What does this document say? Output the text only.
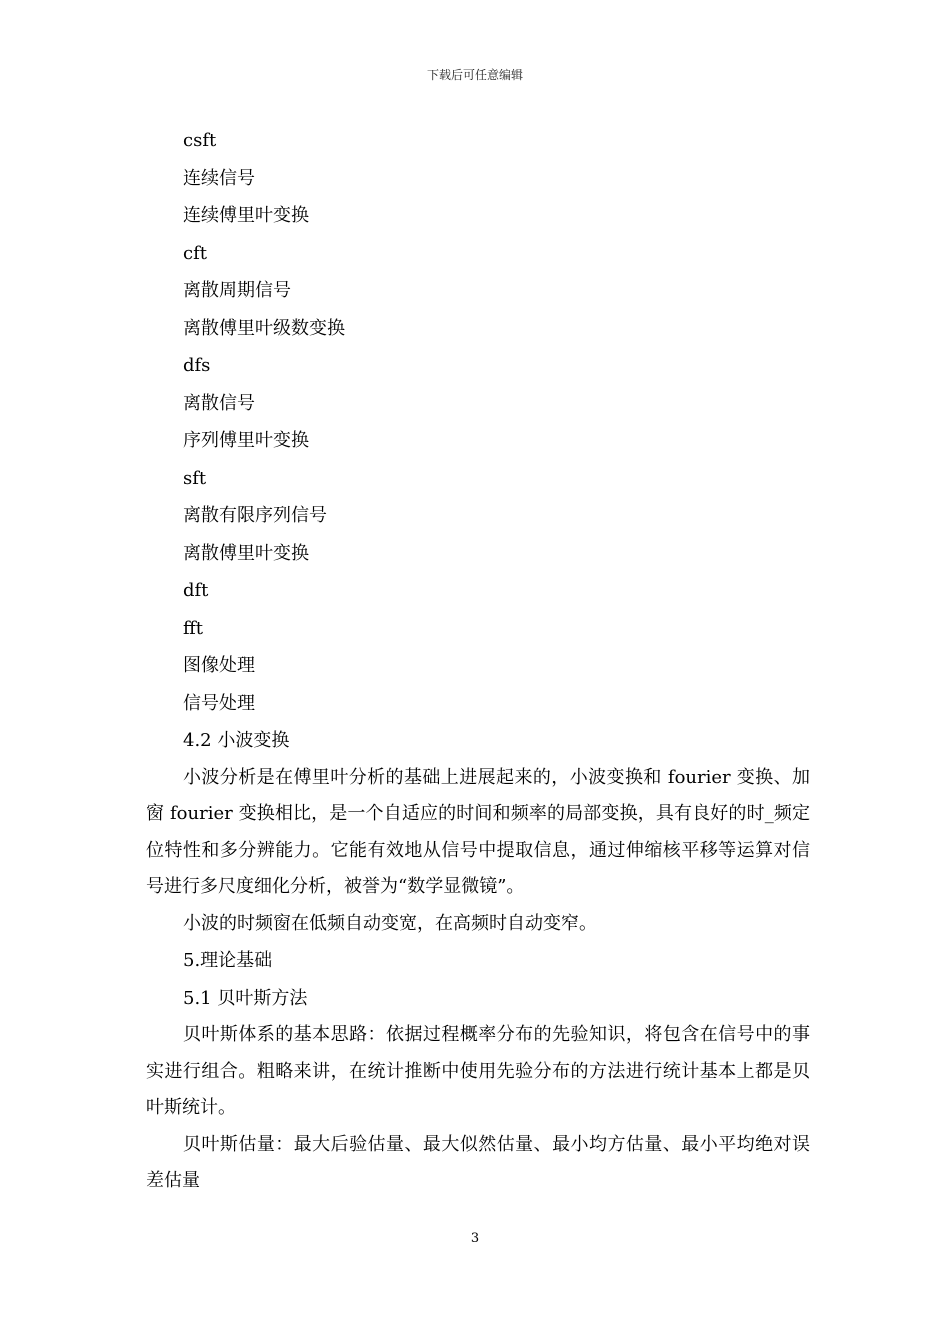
下载后可任意编辑
csft
连续信号
连续傅里叶变换
cft
离散周期信号
离散傅里叶级数变换
dfs
离散信号
序列傅里叶变换
sft
离散有限序列信号
离散傅里叶变换
dft
fft
图像处理
信号处理
4.2 小波变换

小波分析是在傅里叶分析的基础上进展起来的，小波变换和 fourier 变换、加窗 fourier 变换相比，是一个自适应的时间和频率的局部变换，具有良好的时_频定位特性和多分辨能力。它能有效地从信号中提取信息，通过伸缩核平移等运算对信号进行多尺度细化分析，被誉为“数学显微镜”。

小波的时频窗在低频自动变宽，在高频时自动变窄。

5.理论基础
5.1 贝叶斯方法

贝叶斯体系的基本思路：依据过程概率分布的先验知识，将包含在信号中的事实进行组合。粗略来讲，在统计推断中使用先验分布的方法进行统计基本上都是贝叶斯统计。

贝叶斯估量：最大后验估量、最大似然估量、最小均方估量、最小平均绝对误差估量

3
